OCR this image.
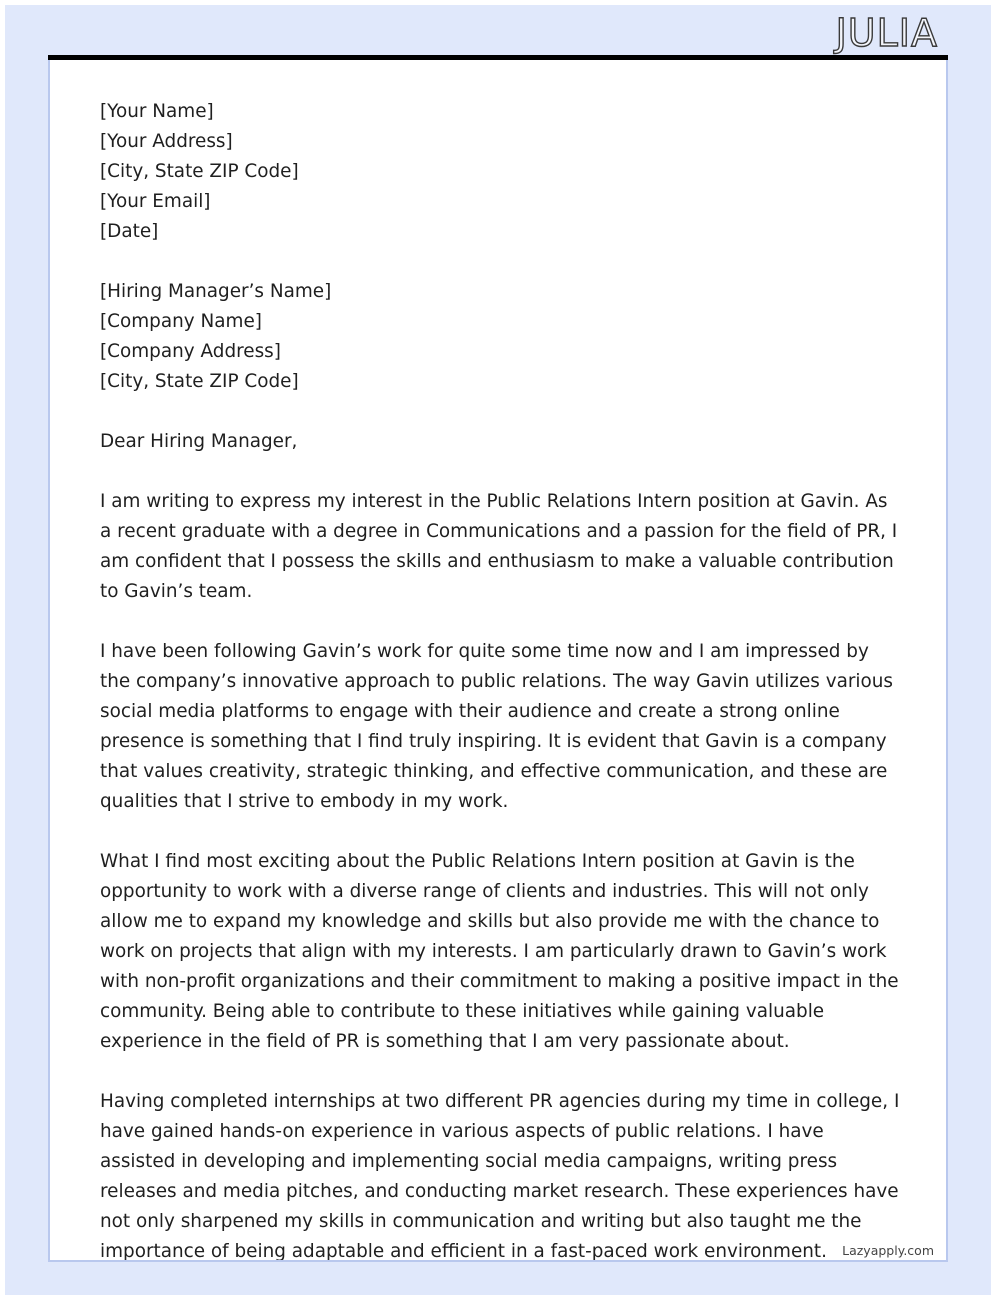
JULIA
[Your Name]
[Your Address]
[City, State ZIP Code]
[Your Email]
[Date]
[Hiring Manager’s Name]
[Company Name]
[Company Address]
[City, State ZIP Code]
Dear Hiring Manager,

I am writing to express my interest in the Public Relations Intern position at Gavin. As a recent graduate with a degree in Communications and a passion for the field of PR, I am confident that I possess the skills and enthusiasm to make a valuable contribution to Gavin’s team.

I have been following Gavin’s work for quite some time now and I am impressed by the company’s innovative approach to public relations. The way Gavin utilizes various social media platforms to engage with their audience and create a strong online presence is something that I find truly inspiring. It is evident that Gavin is a company that values creativity, strategic thinking, and effective communication, and these are qualities that I strive to embody in my work.

What I find most exciting about the Public Relations Intern position at Gavin is the opportunity to work with a diverse range of clients and industries. This will not only allow me to expand my knowledge and skills but also provide me with the chance to work on projects that align with my interests. I am particularly drawn to Gavin’s work with non-profit organizations and their commitment to making a positive impact in the community. Being able to contribute to these initiatives while gaining valuable experience in the field of PR is something that I am very passionate about.

Having completed internships at two different PR agencies during my time in college, I have gained hands-on experience in various aspects of public relations. I have assisted in developing and implementing social media campaigns, writing press releases and media pitches, and conducting market research. These experiences have not only sharpened my skills in communication and writing but also taught me the importance of being adaptable and efficient in a fast-paced work environment.	Lazyapply.com
